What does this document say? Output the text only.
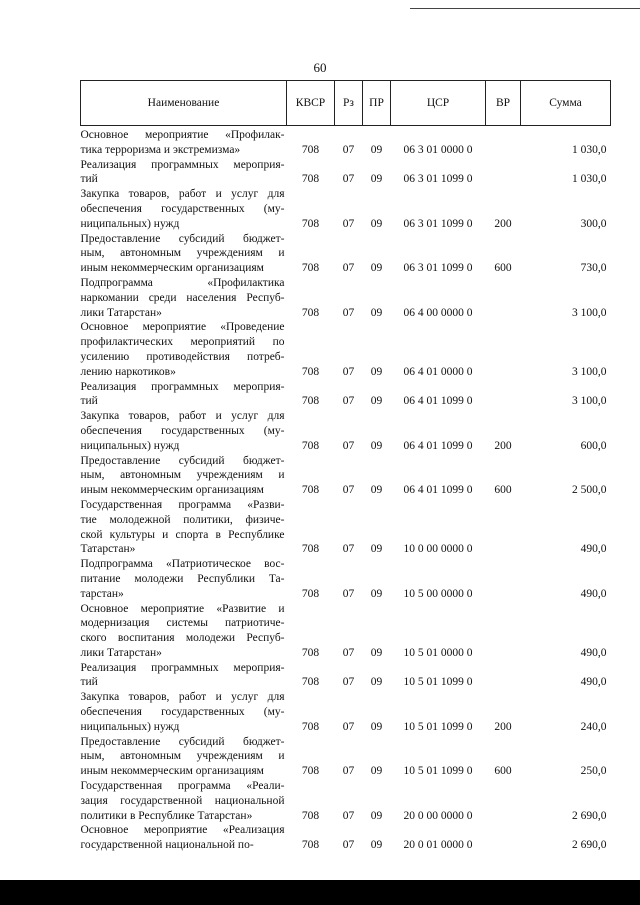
60
Наименование	КВСР	Рз	ПР	ЦСР	ВР	Сумма

Основное мероприятие «Профилак-
тика терроризма и экстремизма»	708	07	09	06 3 01 0000 0		1 030,0

Реализация программных мероприя-
тий	708	07	09	06 3 01 1099 0		1 030,0

Закупка товаров, работ и услуг для
обеспечения государственных (му-
ниципальных) нужд	708	07	09	06 3 01 1099 0	200	300,0

Предоставление субсидий бюджет-
ным, автономным учреждениям и
иным некоммерческим организациям	708	07	09	06 3 01 1099 0	600	730,0

Подпрограмма «Профилактика
наркомании среди населения Респуб-
лики Татарстан»	708	07	09	06 4 00 0000 0		3 100,0

Основное мероприятие «Проведение
профилактических мероприятий по
усилению противодействия потреб-
лению наркотиков»	708	07	09	06 4 01 0000 0		3 100,0

Реализация программных мероприя-
тий	708	07	09	06 4 01 1099 0		3 100,0

Закупка товаров, работ и услуг для
обеспечения государственных (му-
ниципальных) нужд	708	07	09	06 4 01 1099 0	200	600,0

Предоставление субсидий бюджет-
ным, автономным учреждениям и
иным некоммерческим организациям	708	07	09	06 4 01 1099 0	600	2 500,0

Государственная программа «Разви-
тие молодежной политики, физиче-
ской культуры и спорта в Республике
Татарстан»	708	07	09	10 0 00 0000 0		490,0

Подпрограмма «Патриотическое вос-
питание молодежи Республики Та-
тарстан»	708	07	09	10 5 00 0000 0		490,0

Основное мероприятие «Развитие и
модернизация системы патриотиче-
ского воспитания молодежи Респуб-
лики Татарстан»	708	07	09	10 5 01 0000 0		490,0

Реализация программных мероприя-
тий	708	07	09	10 5 01 1099 0		490,0

Закупка товаров, работ и услуг для
обеспечения государственных (му-
ниципальных) нужд	708	07	09	10 5 01 1099 0	200	240,0

Предоставление субсидий бюджет-
ным, автономным учреждениям и
иным некоммерческим организациям	708	07	09	10 5 01 1099 0	600	250,0

Государственная программа «Реали-
зация государственной национальной
политики в Республике Татарстан»	708	07	09	20 0 00 0000 0		2 690,0

Основное мероприятие «Реализация
государственной национальной по-	708	07	09	20 0 01 0000 0		2 690,0
